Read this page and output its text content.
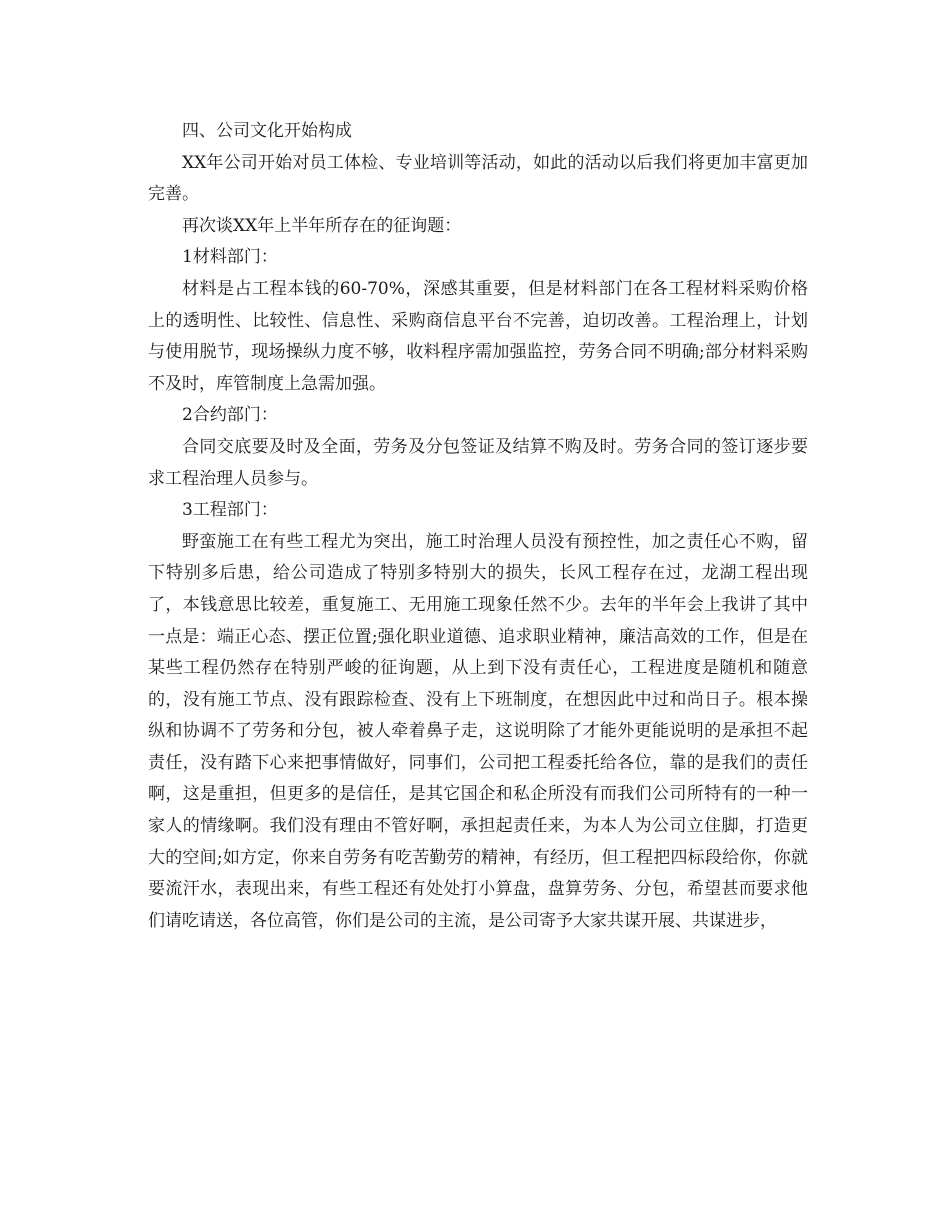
四、公司文化开始构成

XX年公司开始对员工体检、专业培训等活动，如此的活动以后我们将更加丰富更加完善。

再次谈XX年上半年所存在的征询题：

1材料部门：

材料是占工程本钱的60-70%，深感其重要，但是材料部门在各工程材料采购价格上的透明性、比较性、信息性、采购商信息平台不完善，迫切改善。工程治理上，计划与使用脱节，现场操纵力度不够，收料程序需加强监控，劳务合同不明确;部分材料采购不及时，库管制度上急需加强。

2合约部门：

合同交底要及时及全面，劳务及分包签证及结算不购及时。劳务合同的签订逐步要求工程治理人员参与。

3工程部门：

野蛮施工在有些工程尤为突出，施工时治理人员没有预控性，加之责任心不购，留下特别多后患，给公司造成了特别多特别大的损失，长风工程存在过，龙湖工程出现了，本钱意思比较差，重复施工、无用施工现象任然不少。去年的半年会上我讲了其中一点是：端正心态、摆正位置;强化职业道德、追求职业精神，廉洁高效的工作，但是在某些工程仍然存在特别严峻的征询题，从上到下没有责任心，工程进度是随机和随意的，没有施工节点、没有跟踪检查、没有上下班制度，在想因此中过和尚日子。根本操纵和协调不了劳务和分包，被人牵着鼻子走，这说明除了才能外更能说明的是承担不起责任，没有踏下心来把事情做好，同事们，公司把工程委托给各位，靠的是我们的责任啊，这是重担，但更多的是信任，是其它国企和私企所没有而我们公司所特有的一种一家人的情缘啊。我们没有理由不管好啊，承担起责任来，为本人为公司立住脚，打造更大的空间;如方定，你来自劳务有吃苦勤劳的精神，有经历，但工程把四标段给你，你就要流汗水，表现出来，有些工程还有处处打小算盘，盘算劳务、分包，希望甚而要求他们请吃请送，各位高管，你们是公司的主流，是公司寄予大家共谋开展、共谋进步，
